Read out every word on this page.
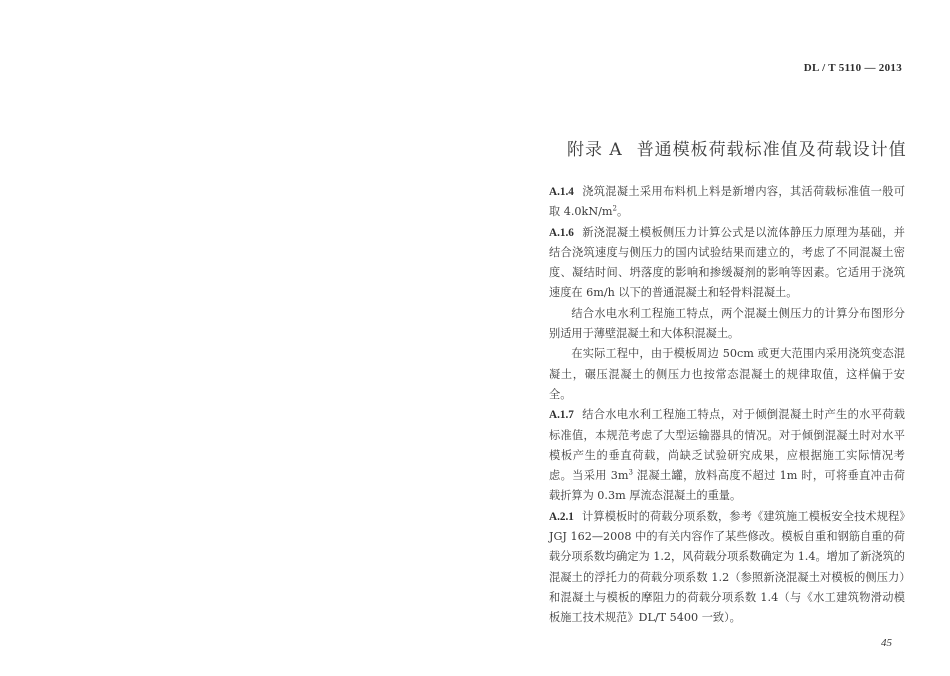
DL / T 5110 — 2013
附录 A 普通模板荷载标准值及荷载设计值

A.1.4 浇筑混凝土采用布料机上料是新增内容，其活荷载标准值一般可取 $4.0kN/m^2$。

A.1.6 新浇混凝土模板侧压力计算公式是以流体静压力原理为基础，并结合浇筑速度与侧压力的国内试验结果而建立的，考虑了不同混凝土密度、凝结时间、坍落度的影响和掺缓凝剂的影响等因素。它适用于浇筑速度在 6m/h 以下的普通混凝土和轻骨料混凝土。

结合水电水利工程施工特点，两个混凝土侧压力的计算分布图形分别适用于薄壁混凝土和大体积混凝土。

在实际工程中，由于模板周边 50cm 或更大范围内采用浇筑变态混凝土，碾压混凝土的侧压力也按常态混凝土的规律取值，这样偏于安全。

A.1.7 结合水电水利工程施工特点，对于倾倒混凝土时产生的水平荷载标准值，本规范考虑了大型运输器具的情况。对于倾倒混凝土时对水平模板产生的垂直荷载，尚缺乏试验研究成果，应根据施工实际情况考虑。当采用 $3m^3$ 混凝土罐，放料高度不超过 1m 时，可将垂直冲击荷载折算为 0.3m 厚流态混凝土的重量。

A.2.1 计算模板时的荷载分项系数，参考《建筑施工模板安全技术规程》JGJ 162—2008 中的有关内容作了某些修改。模板自重和钢筋自重的荷载分项系数均确定为 1.2，风荷载分项系数确定为 1.4。增加了新浇筑的混凝土的浮托力的荷载分项系数 1.2（参照新浇混凝土对模板的侧压力）和混凝土与模板的摩阻力的荷载分项系数 1.4（与《水工建筑物滑动模板施工技术规范》DL/T 5400 一致）。

45
